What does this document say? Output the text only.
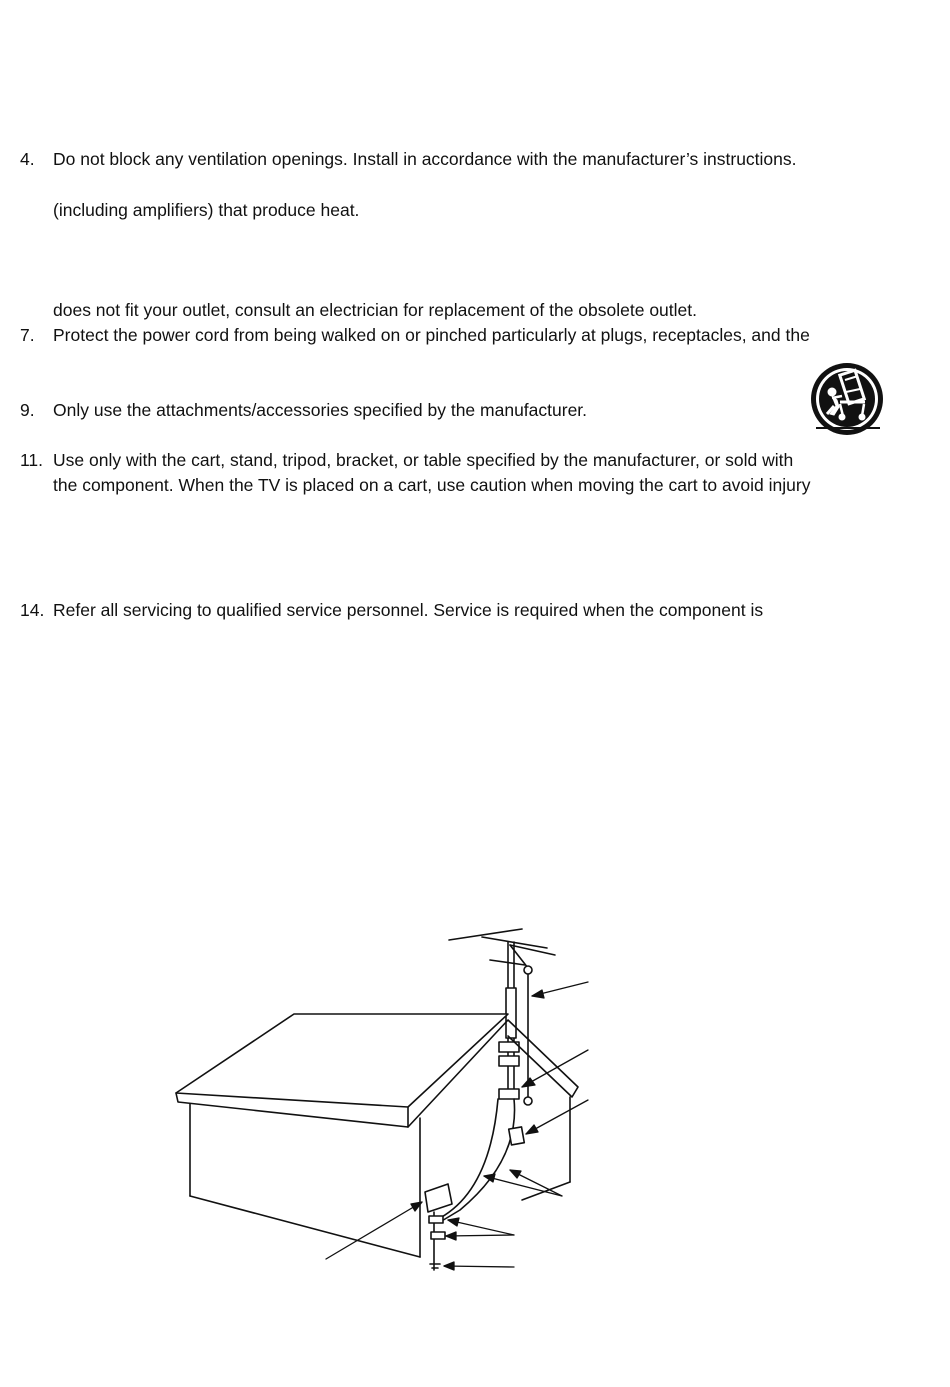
4. Do not block any ventilation openings. Install in accordance with the manufacturer’s instructions.
(including amplifiers) that produce heat.
does not fit your outlet, consult an electrician for replacement of the obsolete outlet.
7. Protect the power cord from being walked on or pinched particularly at plugs, receptacles, and the
9. Only use the attachments/accessories specified by the manufacturer.
11. Use only with the cart, stand, tripod, bracket, or table specified by the manufacturer, or sold with
the component. When the TV is placed on a cart, use caution when moving the cart to avoid injury
14. Refer all servicing to qualified service personnel. Service is required when the component is
